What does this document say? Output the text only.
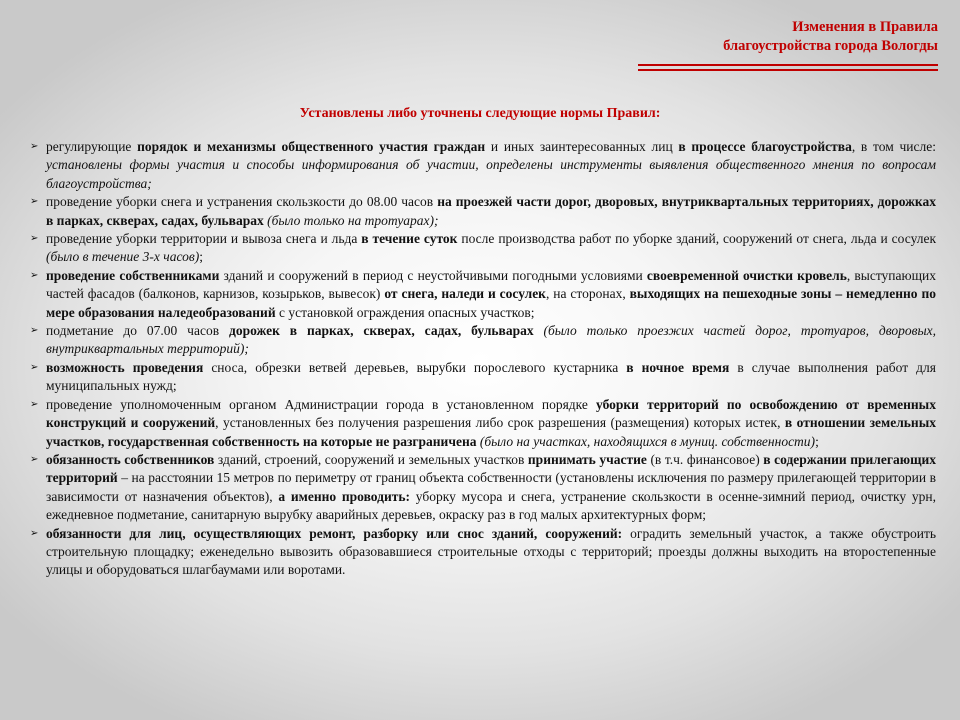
Изменения в Правила
благоустройства города Вологды
Установлены либо уточнены следующие нормы Правил:
➢ регулирующие порядок и механизмы общественного участия граждан и иных заинтересованных лиц в процессе благоустройства, в том числе: установлены формы участия и способы информирования об участии, определены инструменты выявления общественного мнения по вопросам благоустройства;
➢ проведение уборки снега и устранения скользкости до 08.00 часов на проезжей части дорог, дворовых, внутриквартальных территориях, дорожках в парках, скверах, садах, бульварах (было только на тротуарах);
➢ проведение уборки территории и вывоза снега и льда в течение суток после производства работ по уборке зданий, сооружений от снега, льда и сосулек (было в течение 3-х часов);
➢ проведение собственниками зданий и сооружений в период с неустойчивыми погодными условиями своевременной очистки кровель, выступающих частей фасадов (балконов, карнизов, козырьков, вывесок) от снега, наледи и сосулек, на сторонах, выходящих на пешеходные зоны – немедленно по мере образования наледеобразований с установкой ограждения опасных участков;
➢ подметание до 07.00 часов дорожек в парках, скверах, садах, бульварах (было только проезжих частей дорог, тротуаров, дворовых, внутриквартальных территорий);
➢ возможность проведения сноса, обрезки ветвей деревьев, вырубки порослевого кустарника в ночное время в случае выполнения работ для муниципальных нужд;
➢ проведение уполномоченным органом Администрации города в установленном порядке уборки территорий по освобождению от временных конструкций и сооружений, установленных без получения разрешения либо срок разрешения (размещения) которых истек, в отношении земельных участков, государственная собственность на которые не разграничена (было на участках, находящихся в муниц. собственности);
➢ обязанность собственников зданий, строений, сооружений и земельных участков принимать участие (в т.ч. финансовое) в содержании прилегающих территорий – на расстоянии 15 метров по периметру от границ объекта собственности (установлены исключения по размеру прилегающей территории в зависимости от назначения объектов), а именно проводить: уборку мусора и снега, устранение скользкости в осенне-зимний период, очистку урн, ежедневное подметание, санитарную вырубку аварийных деревьев, окраску раз в год малых архитектурных форм;
➢ обязанности для лиц, осуществляющих ремонт, разборку или снос зданий, сооружений: оградить земельный участок, а также обустроить строительную площадку; еженедельно вывозить образовавшиеся строительные отходы с территорий; проезды должны выходить на второстепенные улицы и оборудоваться шлагбаумами или воротами.
